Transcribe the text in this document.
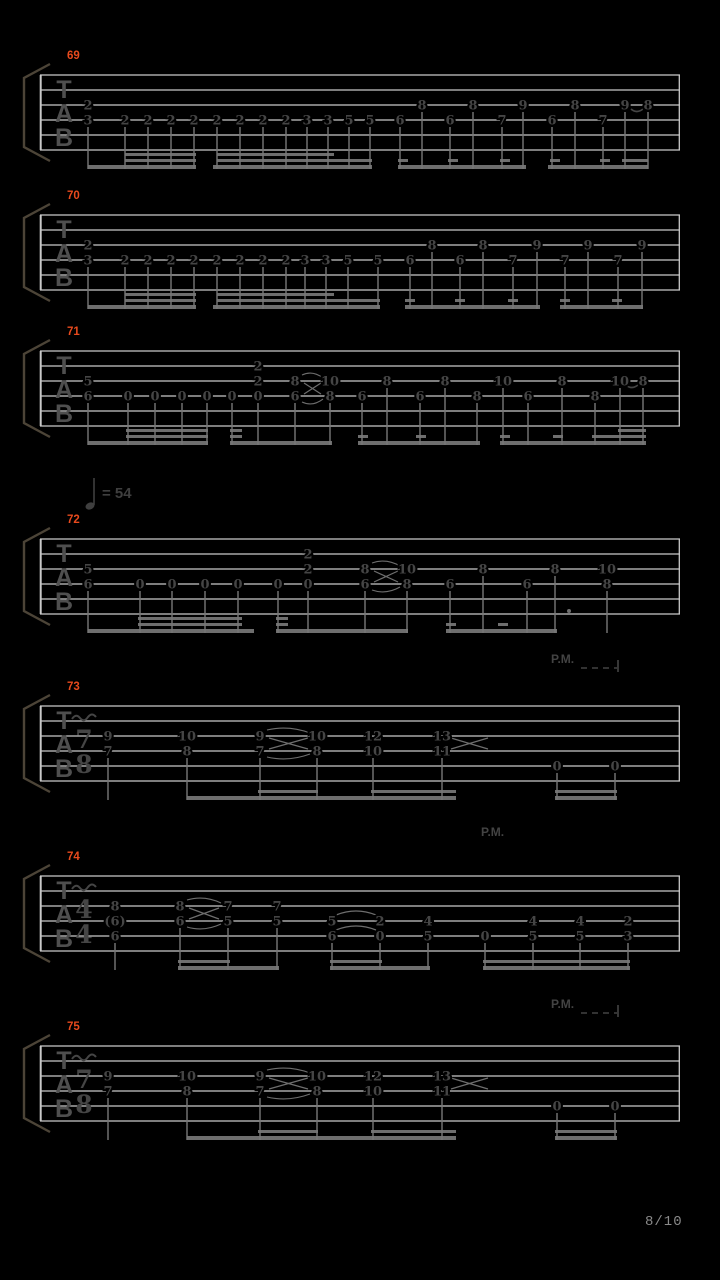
T
A
B
69
2
3 2 2 2 2 2 2 2 2 3 3 5 5 6
8
6
8
7
9
6
8
7
9 8
T
A
B
70
2
3 2 2 2 2 2 2 2 2 3 3 5 5 6
8
6
8
7
9
7
9
7
9
T
A
B
71
5
6 0 0 0 0 0
2
2
0
8
6
10
8 6
8
6
8
8
10
6
8
8
10 8
T
A
B
72
5
6	0 0 0 0 0
2
2
0
8
6
10
8	6
8
6
8	10
8
T
A
B
73
7
8
9
7
10
8
9
7
10
8
12
10
13
11
0	0
T
A
B
74
4
4
8
(6)
6
8
6
7
5
7
5	5
6
2
0
4
5	0
4
5
4
5
2
3
T
A
B
75
7
8
9
7
10
8
9
7
10
8
12
10
13
11
0	0
= 54
P.M.
P.M.
P.M.
8/10
